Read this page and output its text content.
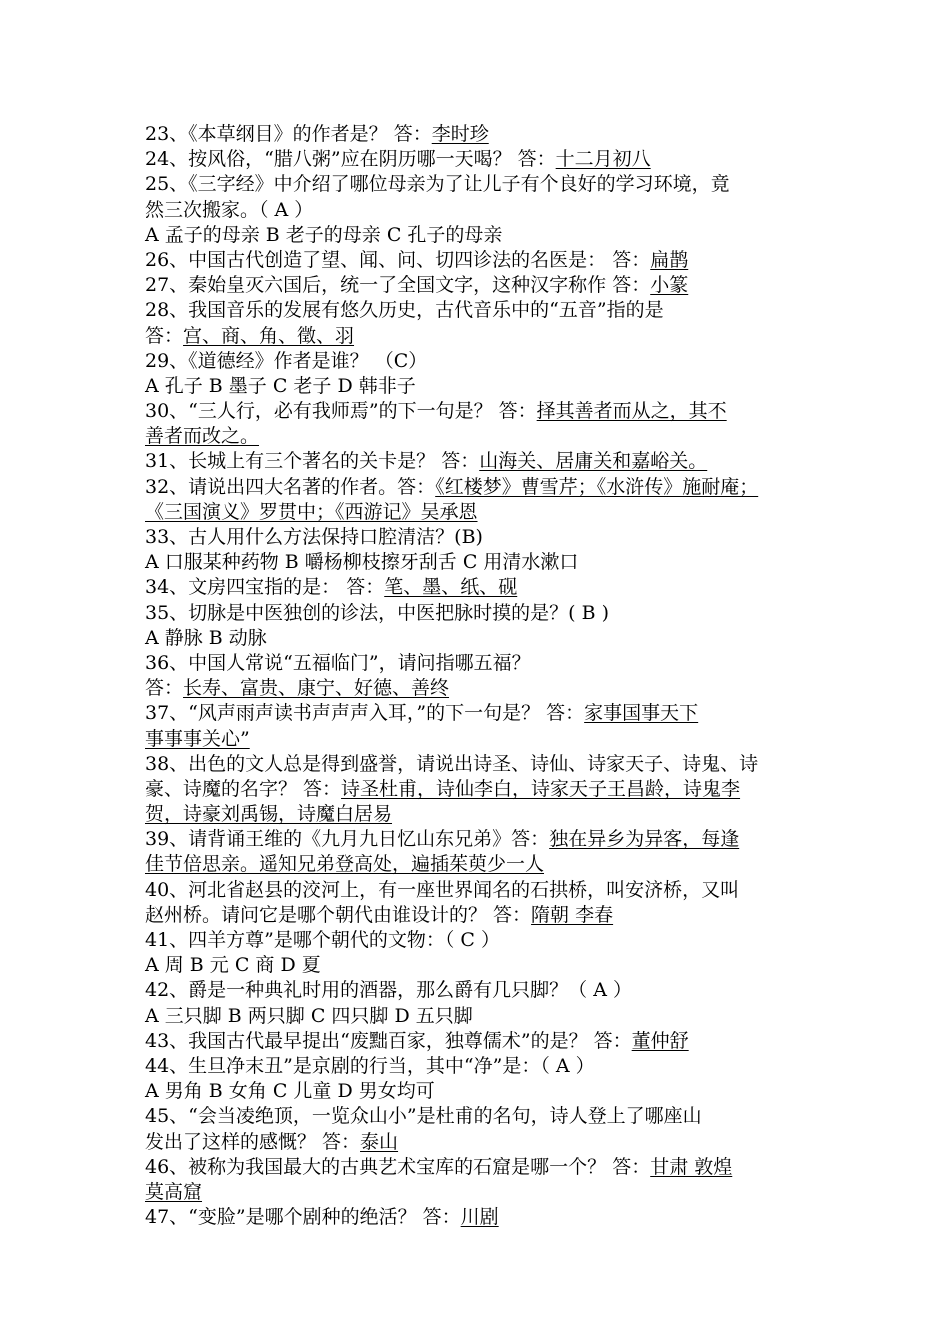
23、《本草纲目》的作者是？ 答：李时珍
24、按风俗，“腊八粥”应在阴历哪一天喝？ 答：十二月初八
25、《三字经》中介绍了哪位母亲为了让儿子有个良好的学习环境，竟
然三次搬家。（ A ）
A 孟子的母亲 B 老子的母亲 C 孔子的母亲
26、中国古代创造了望、闻、问、切四诊法的名医是： 答：扁鹊
27、秦始皇灭六国后，统一了全国文字，这种汉字称作 答：小篆
28、我国音乐的发展有悠久历史，古代音乐中的“五音”指的是
答：宫、商、角、徵、羽
29、《道德经》作者是谁？ （C）
A 孔子 B 墨子 C 老子 D 韩非子
30、“三人行，必有我师焉”的下一句是？ 答：择其善者而从之，其不
善者而改之。
31、长城上有三个著名的关卡是？ 答：山海关、居庸关和嘉峪关。
32、请说出四大名著的作者。答：《红楼梦》曹雪芹；《水浒传》施耐庵；
《三国演义》罗贯中；《西游记》吴承恩
33、古人用什么方法保持口腔清洁？(B)
A 口服某种药物 B 嚼杨柳枝擦牙刮舌 C 用清水漱口
34、文房四宝指的是： 答：笔、墨、纸、砚
35、切脉是中医独创的诊法，中医把脉时摸的是？( B )
A 静脉 B 动脉
36、中国人常说“五福临门”，请问指哪五福？
答：长寿、富贵、康宁、好德、善终
37、“风声雨声读书声声声入耳，”的下一句是？ 答：家事国事天下
事事事关心”
38、出色的文人总是得到盛誉，请说出诗圣、诗仙、诗家天子、诗鬼、诗
豪、诗魔的名字？ 答：诗圣杜甫，诗仙李白，诗家天子王昌龄，诗鬼李
贺，诗豪刘禹锡，诗魔白居易
39、请背诵王维的《九月九日忆山东兄弟》答：独在异乡为异客，每逢
佳节倍思亲。遥知兄弟登高处，遍插茱萸少一人
40、河北省赵县的洨河上，有一座世界闻名的石拱桥，叫安济桥，又叫
赵州桥。请问它是哪个朝代由谁设计的？ 答：隋朝 李春
41、四羊方尊”是哪个朝代的文物：（ C ）
A 周 B 元 C 商 D 夏
42、爵是一种典礼时用的酒器，那么爵有几只脚？（ A ）
A 三只脚 B 两只脚 C 四只脚 D 五只脚
43、我国古代最早提出“废黜百家，独尊儒术”的是？ 答：董仲舒
44、生旦净末丑”是京剧的行当，其中“净”是：（ A ）
A 男角 B 女角 C 儿童 D 男女均可
45、“会当凌绝顶，一览众山小”是杜甫的名句，诗人登上了哪座山
发出了这样的感慨？ 答：泰山
46、被称为我国最大的古典艺术宝库的石窟是哪一个？ 答：甘肃 敦煌
莫高窟
47、“变脸”是哪个剧种的绝活？ 答：川剧
